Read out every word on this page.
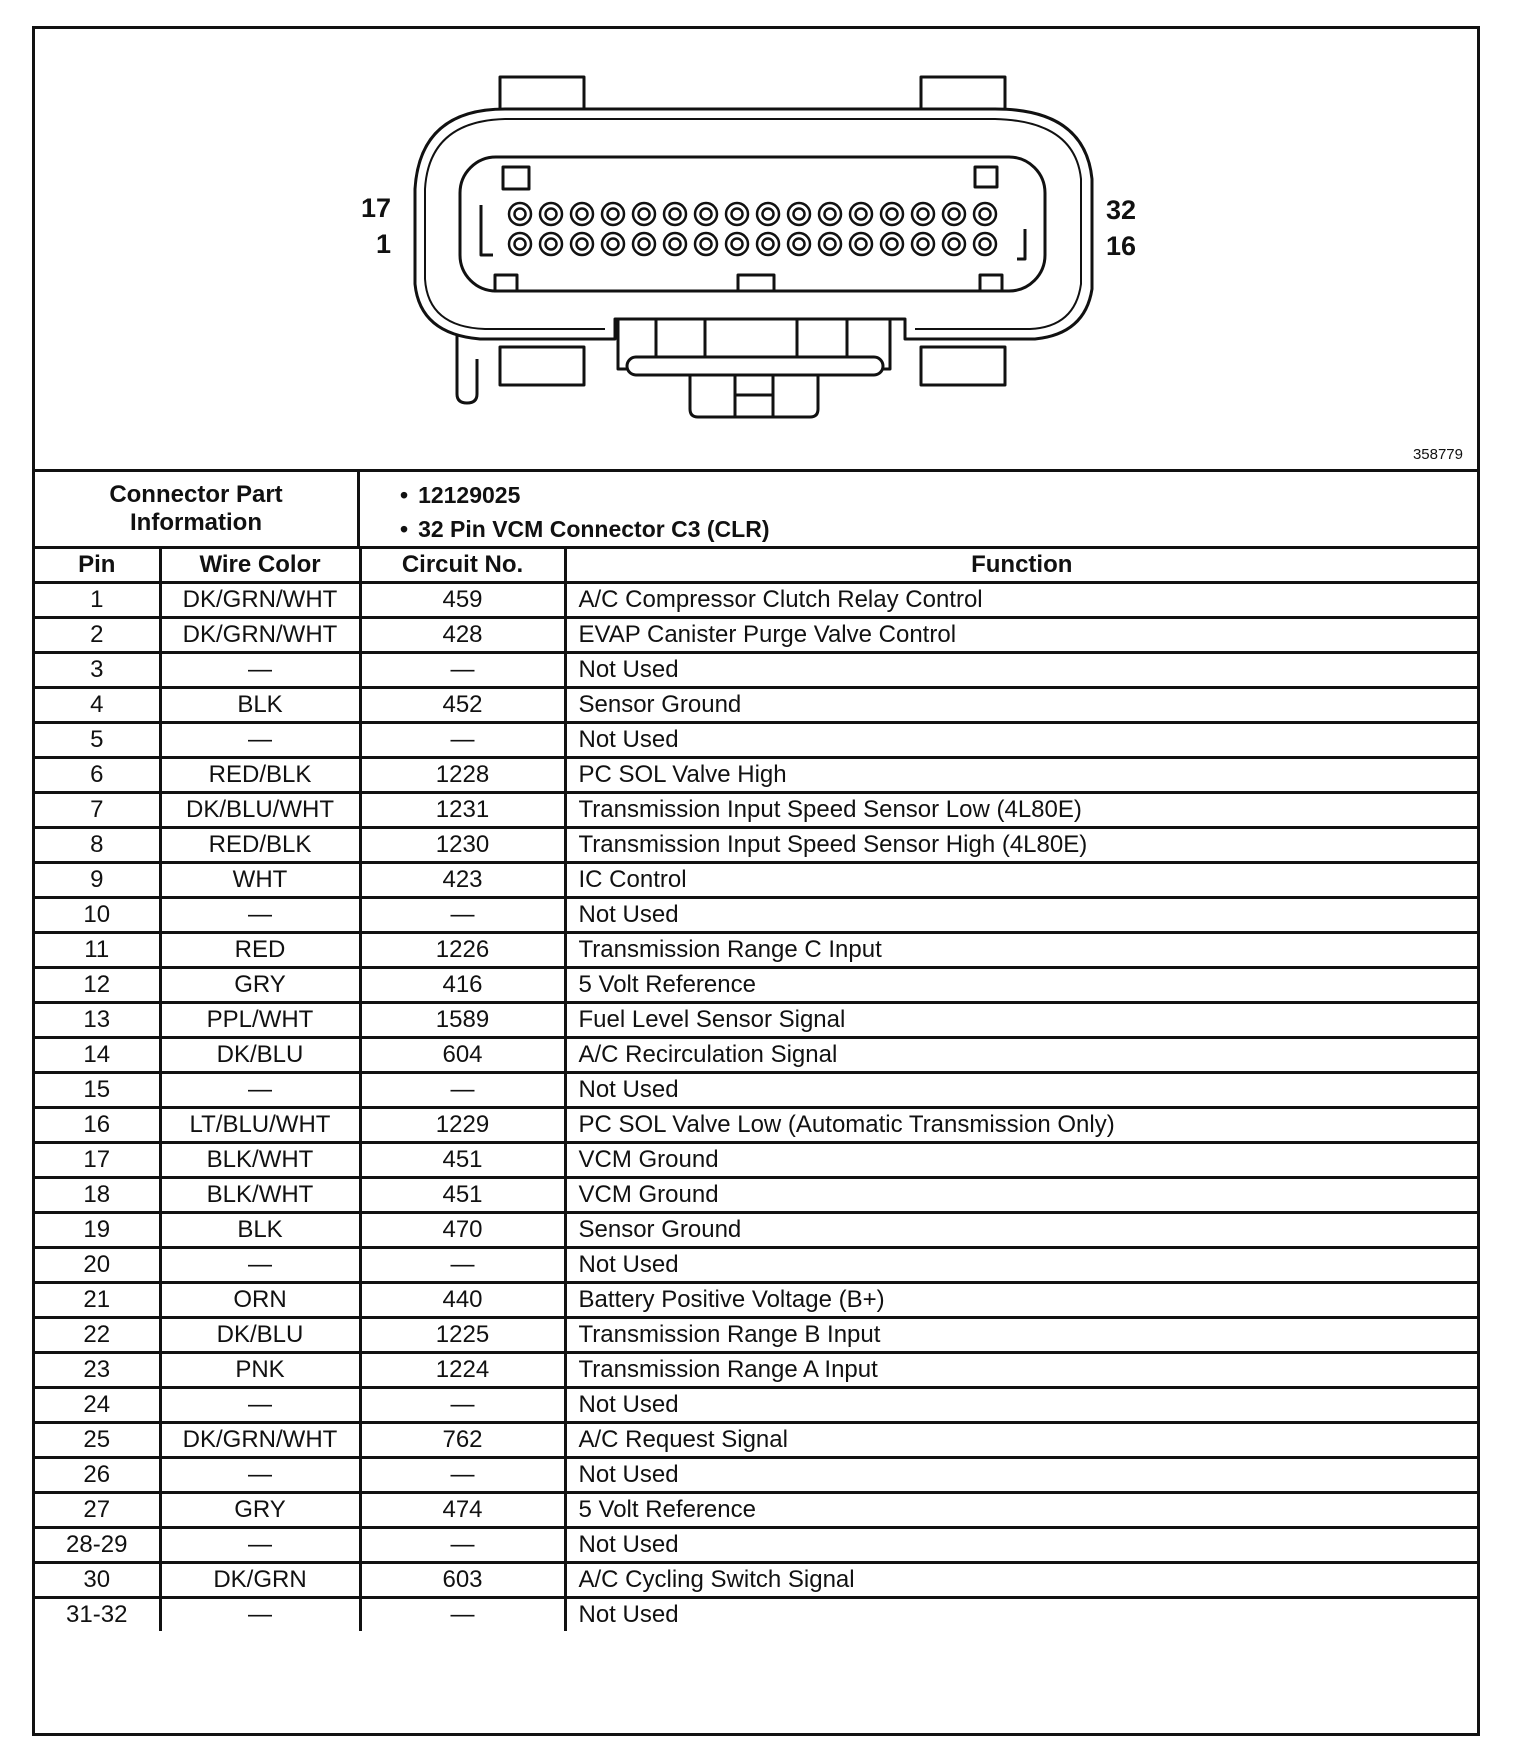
17
1
32
16
358779
Connector Part
Information
• 12129025
• 32 Pin VCM Connector C3 (CLR)
Pin	Wire Color	Circuit No.	Function
1	DK/GRN/WHT	459	A/C Compressor Clutch Relay Control
2	DK/GRN/WHT	428	EVAP Canister Purge Valve Control
3	—	—	Not Used
4	BLK	452	Sensor Ground
5	—	—	Not Used
6	RED/BLK	1228	PC SOL Valve High
7	DK/BLU/WHT	1231	Transmission Input Speed Sensor Low (4L80E)
8	RED/BLK	1230	Transmission Input Speed Sensor High (4L80E)
9	WHT	423	IC Control
10	—	—	Not Used
11	RED	1226	Transmission Range C Input
12	GRY	416	5 Volt Reference
13	PPL/WHT	1589	Fuel Level Sensor Signal
14	DK/BLU	604	A/C Recirculation Signal
15	—	—	Not Used
16	LT/BLU/WHT	1229	PC SOL Valve Low (Automatic Transmission Only)
17	BLK/WHT	451	VCM Ground
18	BLK/WHT	451	VCM Ground
19	BLK	470	Sensor Ground
20	—	—	Not Used
21	ORN	440	Battery Positive Voltage (B+)
22	DK/BLU	1225	Transmission Range B Input
23	PNK	1224	Transmission Range A Input
24	—	—	Not Used
25	DK/GRN/WHT	762	A/C Request Signal
26	—	—	Not Used
27	GRY	474	5 Volt Reference
28-29	—	—	Not Used
30	DK/GRN	603	A/C Cycling Switch Signal
31-32	—	—	Not Used
